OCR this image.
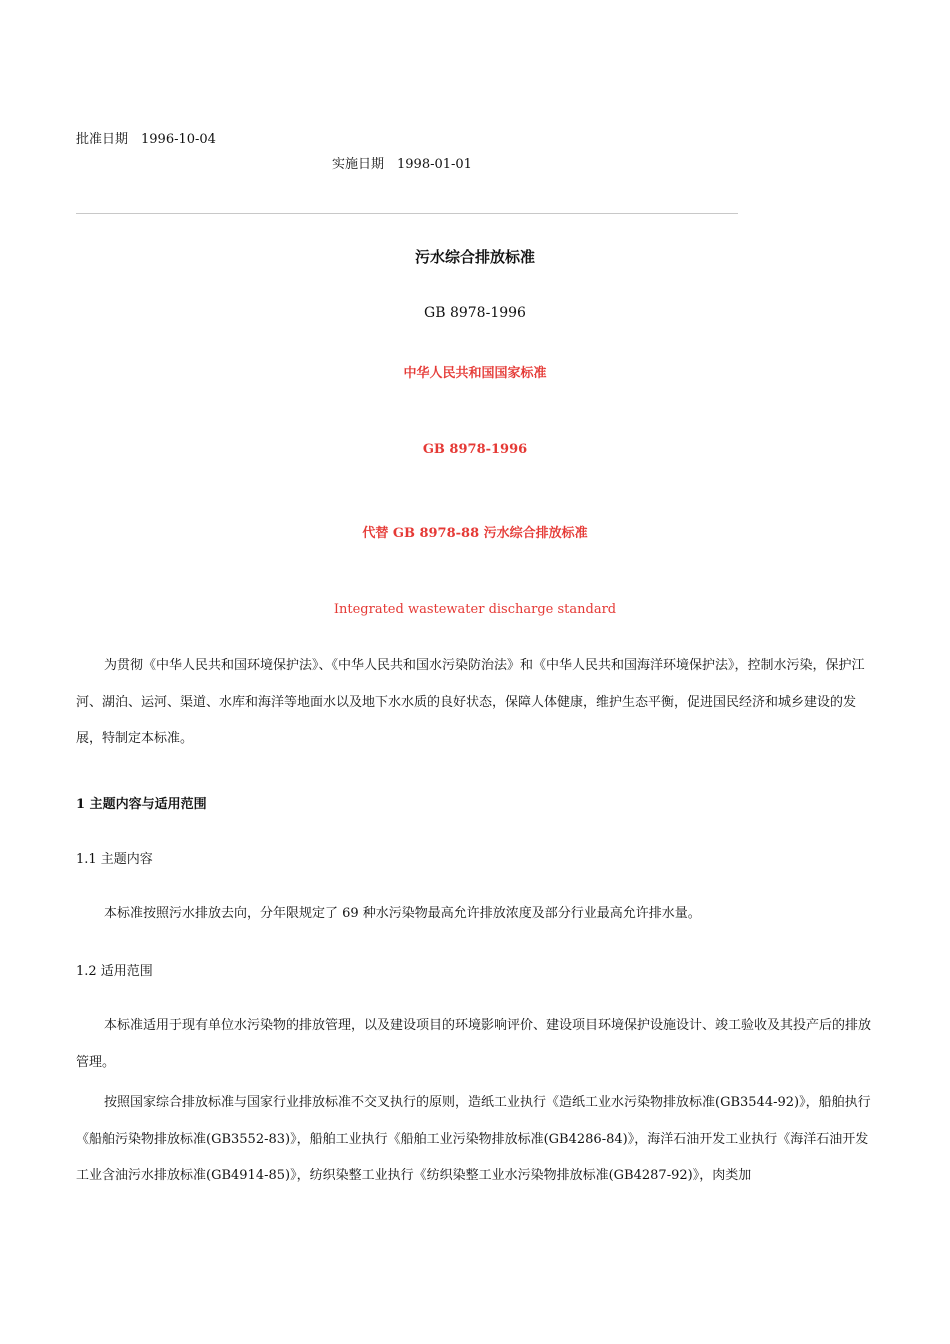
批准日期　1996-10-04
实施日期　1998-01-01
污水综合排放标准
GB 8978-1996
中华人民共和国国家标准
GB 8978-1996
代替 GB 8978-88 污水综合排放标准
Integrated wastewater discharge standard
为贯彻《中华人民共和国环境保护法》、《中华人民共和国水污染防治法》和《中华人民共和国海洋环境保护法》，控制水污染，保护江河、湖泊、运河、渠道、水库和海洋等地面水以及地下水水质的良好状态，保障人体健康，维护生态平衡，促进国民经济和城乡建设的发展，特制定本标准。
1 主题内容与适用范围
1.1 主题内容
本标准按照污水排放去向，分年限规定了 69 种水污染物最高允许排放浓度及部分行业最高允许排水量。
1.2 适用范围
本标准适用于现有单位水污染物的排放管理，以及建设项目的环境影响评价、建设项目环境保护设施设计、竣工验收及其投产后的排放管理。
按照国家综合排放标准与国家行业排放标准不交叉执行的原则，造纸工业执行《造纸工业水污染物排放标准(GB3544-92)》，船舶执行《船舶污染物排放标准(GB3552-83)》，船舶工业执行《船舶工业污染物排放标准(GB4286-84)》，海洋石油开发工业执行《海洋石油开发工业含油污水排放标准(GB4914-85)》，纺织染整工业执行《纺织染整工业水污染物排放标准(GB4287-92)》，肉类加
